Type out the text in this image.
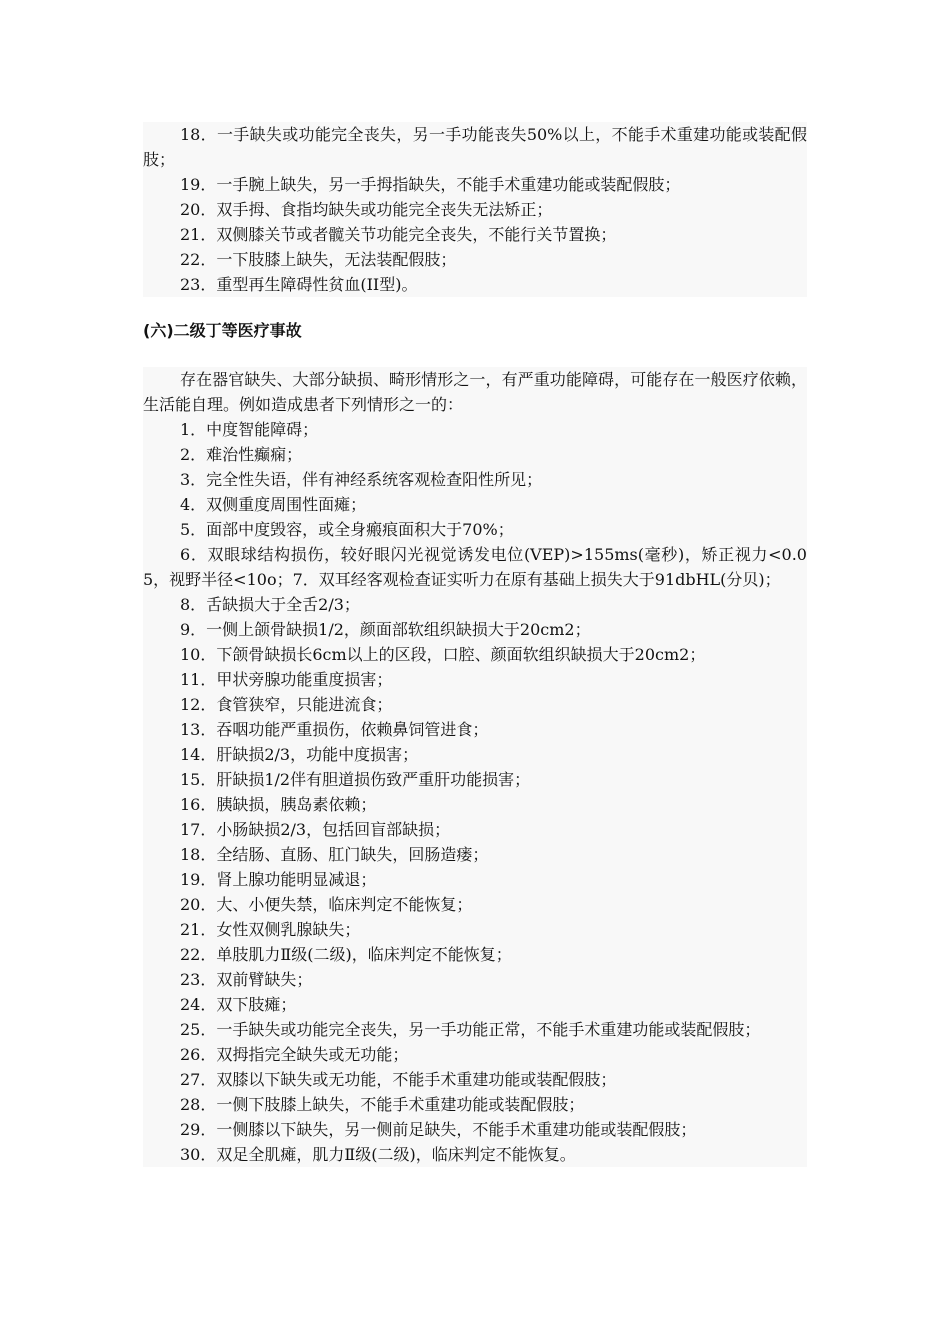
18．一手缺失或功能完全丧失，另一手功能丧失50%以上，不能手术重建功能或装配假肢；
19．一手腕上缺失，另一手拇指缺失，不能手术重建功能或装配假肢；
20．双手拇、食指均缺失或功能完全丧失无法矫正；
21．双侧膝关节或者髋关节功能完全丧失，不能行关节置换；
22．一下肢膝上缺失，无法装配假肢；
23．重型再生障碍性贫血(II型)。
(六)二级丁等医疗事故
存在器官缺失、大部分缺损、畸形情形之一，有严重功能障碍，可能存在一般医疗依赖，生活能自理。例如造成患者下列情形之一的：
1．中度智能障碍；
2．难治性癫痫；
3．完全性失语，伴有神经系统客观检查阳性所见；
4．双侧重度周围性面瘫；
5．面部中度毁容，或全身瘢痕面积大于70%；
6．双眼球结构损伤，较好眼闪光视觉诱发电位(VEP)>155ms(毫秒)，矫正视力<0.05，视野半径<10o；7．双耳经客观检查证实听力在原有基础上损失大于91dbHL(分贝)；
8．舌缺损大于全舌2/3；
9．一侧上颌骨缺损1/2，颜面部软组织缺损大于20cm2；
10．下颌骨缺损长6cm以上的区段，口腔、颜面软组织缺损大于20cm2；
11．甲状旁腺功能重度损害；
12．食管狭窄，只能进流食；
13．吞咽功能严重损伤，依赖鼻饲管进食；
14．肝缺损2/3，功能中度损害；
15．肝缺损1/2伴有胆道损伤致严重肝功能损害；
16．胰缺损，胰岛素依赖；
17．小肠缺损2/3，包括回盲部缺损；
18．全结肠、直肠、肛门缺失，回肠造瘘；
19．肾上腺功能明显减退；
20．大、小便失禁，临床判定不能恢复；
21．女性双侧乳腺缺失；
22．单肢肌力Ⅱ级(二级)，临床判定不能恢复；
23．双前臂缺失；
24．双下肢瘫；
25．一手缺失或功能完全丧失，另一手功能正常，不能手术重建功能或装配假肢；
26．双拇指完全缺失或无功能；
27．双膝以下缺失或无功能，不能手术重建功能或装配假肢；
28．一侧下肢膝上缺失，不能手术重建功能或装配假肢；
29．一侧膝以下缺失，另一侧前足缺失，不能手术重建功能或装配假肢；
30．双足全肌瘫，肌力Ⅱ级(二级)，临床判定不能恢复。
